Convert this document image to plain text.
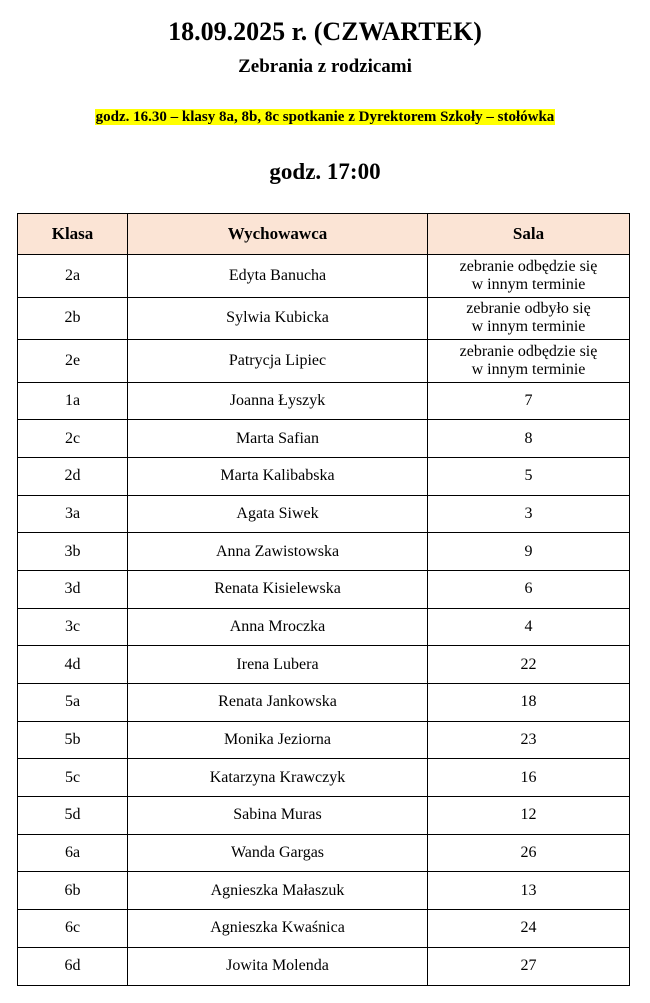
18.09.2025 r. (CZWARTEK)
Zebrania z rodzicami
godz. 16.30 – klasy 8a, 8b, 8c spotkanie z Dyrektorem Szkoły – stołówka
godz. 17:00
Klasa	Wychowawca	Sala
2a	Edyta Banucha	zebranie odbędzie się
w innym terminie

2b	Sylwia Kubicka	zebranie odbyło się
w innym terminie

2e	Patrycja Lipiec	zebranie odbędzie się
w innym terminie

1a	Joanna Łyszyk	7
2c	Marta Safian	8
2d	Marta Kalibabska	5
3a	Agata Siwek	3
3b	Anna Zawistowska	9
3d	Renata Kisielewska	6
3c	Anna Mroczka	4
4d	Irena Lubera	22
5a	Renata Jankowska	18
5b	Monika Jeziorna	23
5c	Katarzyna Krawczyk	16
5d	Sabina Muras	12
6a	Wanda Gargas	26
6b	Agnieszka Małaszuk	13
6c	Agnieszka Kwaśnica	24
6d	Jowita Molenda	27
